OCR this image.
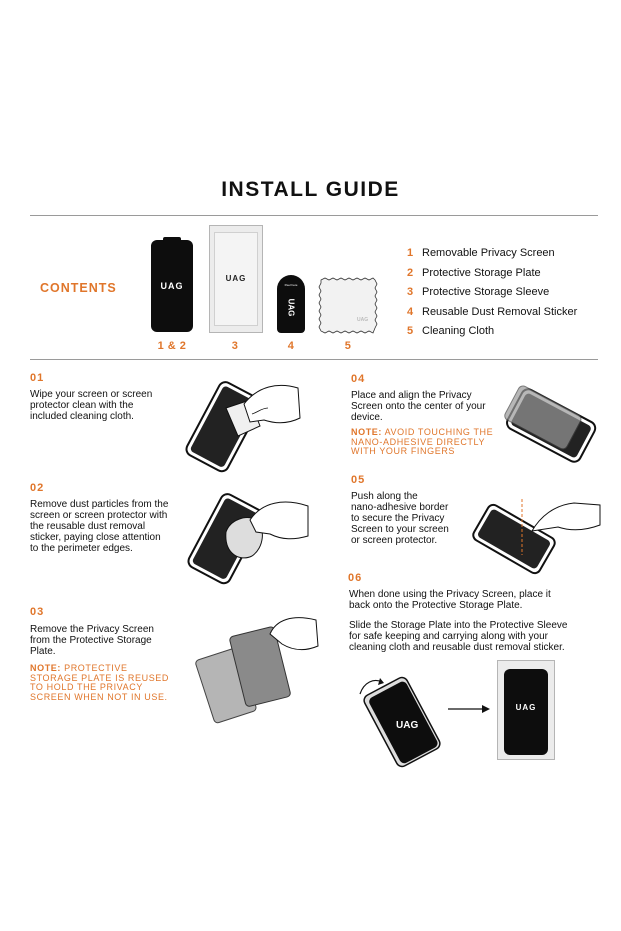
INSTALL GUIDE
CONTENTS	UAG
UAG
Peel here
UAG
UAG
1 & 2	3	4	5
1 Removable Privacy Screen
2 Protective Storage Plate
3 Protective Storage Sleeve
4 Reusable Dust Removal Sticker
5 Cleaning Cloth
01
Wipe your screen or screen
protector clean with the
included cleaning cloth.
02
Remove dust particles from the
screen or screen protector with
the reusable dust removal
sticker, paying close attention
to the perimeter edges.
03
Remove the Privacy Screen
from the Protective Storage
Plate.
NOTE: PROTECTIVE
STORAGE PLATE IS REUSED
TO HOLD THE PRIVACY
SCREEN WHEN NOT IN USE.
04
Place and align the Privacy
Screen onto the center of your
device.
NOTE: AVOID TOUCHING THE
NANO-ADHESIVE DIRECTLY
WITH YOUR FINGERS
05
Push along the
nano-adhesive border
to secure the Privacy
Screen to your screen
or screen protector.
06
When done using the Privacy Screen, place it
back onto the Protective Storage Plate.
Slide the Storage Plate into the Protective Sleeve
for safe keeping and carrying along with your
cleaning cloth and reusable dust removal sticker.
UAG
UAG
